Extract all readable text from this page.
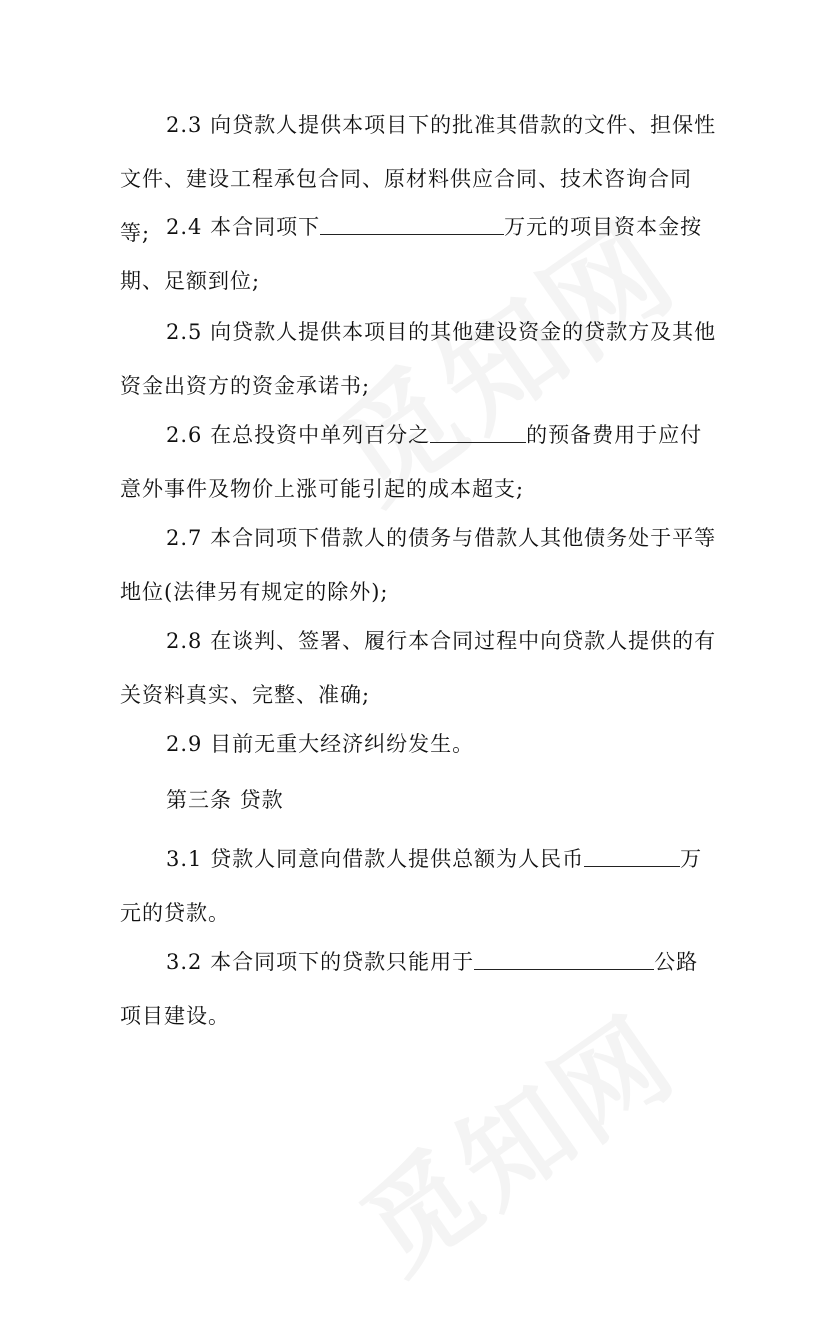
2.3 向贷款人提供本项目下的批准其借款的文件、担保性文件、建设工程承包合同、原材料供应合同、技术咨询合同等; 2.4 本合同项下	万元的项目资本金按期、足额到位;
2.5 向贷款人提供本项目的其他建设资金的贷款方及其他资金出资方的资金承诺书;
2.6 在总投资中单列百分之	的预备费用于应付意外事件及物价上涨可能引起的成本超支;
2.7 本合同项下借款人的债务与借款人其他债务处于平等地位(法律另有规定的除外);
2.8 在谈判、签署、履行本合同过程中向贷款人提供的有关资料真实、完整、准确;
2.9 目前无重大经济纠纷发生。
第三条 贷款
3.1 贷款人同意向借款人提供总额为人民币	万元的贷款。
3.2 本合同项下的贷款只能用于	公路项目建设。
